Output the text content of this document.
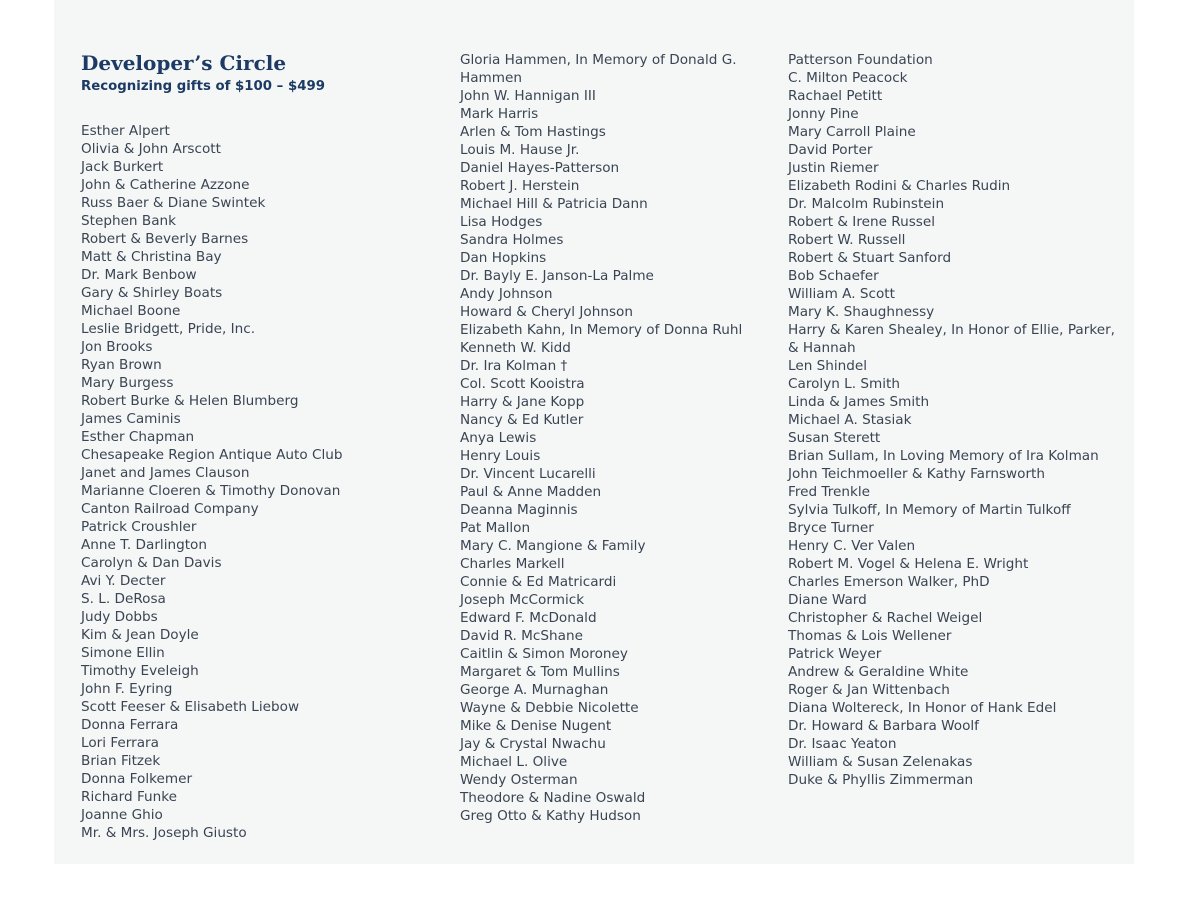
Developer’s Circle

Recognizing gifts of $100 – $499

Esther Alpert
Olivia & John Arscott
Jack Burkert
John & Catherine Azzone
Russ Baer & Diane Swintek
Stephen Bank
Robert & Beverly Barnes
Matt & Christina Bay
Dr. Mark Benbow
Gary & Shirley Boats
Michael Boone
Leslie Bridgett, Pride, Inc.
Jon Brooks
Ryan Brown
Mary Burgess
Robert Burke & Helen Blumberg
James Caminis
Esther Chapman
Chesapeake Region Antique Auto Club
Janet and James Clauson
Marianne Cloeren & Timothy Donovan
Canton Railroad Company
Patrick Croushler
Anne T. Darlington
Carolyn & Dan Davis
Avi Y. Decter
S. L. DeRosa
Judy Dobbs
Kim & Jean Doyle
Simone Ellin
Timothy Eveleigh
John F. Eyring
Scott Feeser & Elisabeth Liebow
Donna Ferrara
Lori Ferrara
Brian Fitzek
Donna Folkemer
Richard Funke
Joanne Ghio
Mr. & Mrs. Joseph Giusto
Gloria Hammen, In Memory of Donald G. Hammen
John W. Hannigan III
Mark Harris
Arlen & Tom Hastings
Louis M. Hause Jr.
Daniel Hayes-Patterson
Robert J. Herstein
Michael Hill & Patricia Dann
Lisa Hodges
Sandra Holmes
Dan Hopkins
Dr. Bayly E. Janson-La Palme
Andy Johnson
Howard & Cheryl Johnson
Elizabeth Kahn, In Memory of Donna Ruhl
Kenneth W. Kidd
Dr. Ira Kolman †
Col. Scott Kooistra
Harry & Jane Kopp
Nancy & Ed Kutler
Anya Lewis
Henry Louis
Dr. Vincent Lucarelli
Paul & Anne Madden
Deanna Maginnis
Pat Mallon
Mary C. Mangione & Family
Charles Markell
Connie & Ed Matricardi
Joseph McCormick
Edward F. McDonald
David R. McShane
Caitlin & Simon Moroney
Margaret & Tom Mullins
George A. Murnaghan
Wayne & Debbie Nicolette
Mike & Denise Nugent
Jay & Crystal Nwachu
Michael L. Olive
Wendy Osterman
Theodore & Nadine Oswald
Greg Otto & Kathy Hudson
Patterson Foundation
C. Milton Peacock
Rachael Petitt
Jonny Pine
Mary Carroll Plaine
David Porter
Justin Riemer
Elizabeth Rodini & Charles Rudin
Dr. Malcolm Rubinstein
Robert & Irene Russel
Robert W. Russell
Robert & Stuart Sanford
Bob Schaefer
William A. Scott
Mary K. Shaughnessy
Harry & Karen Shealey, In Honor of Ellie, Parker, & Hannah
Len Shindel
Carolyn L. Smith
Linda & James Smith
Michael A. Stasiak
Susan Sterett
Brian Sullam, In Loving Memory of Ira Kolman
John Teichmoeller & Kathy Farnsworth
Fred Trenkle
Sylvia Tulkoff, In Memory of Martin Tulkoff
Bryce Turner
Henry C. Ver Valen
Robert M. Vogel & Helena E. Wright
Charles Emerson Walker, PhD
Diane Ward
Christopher & Rachel Weigel
Thomas & Lois Wellener
Patrick Weyer
Andrew & Geraldine White
Roger & Jan Wittenbach
Diana Woltereck, In Honor of Hank Edel
Dr. Howard & Barbara Woolf
Dr. Isaac Yeaton
William & Susan Zelenakas
Duke & Phyllis Zimmerman
